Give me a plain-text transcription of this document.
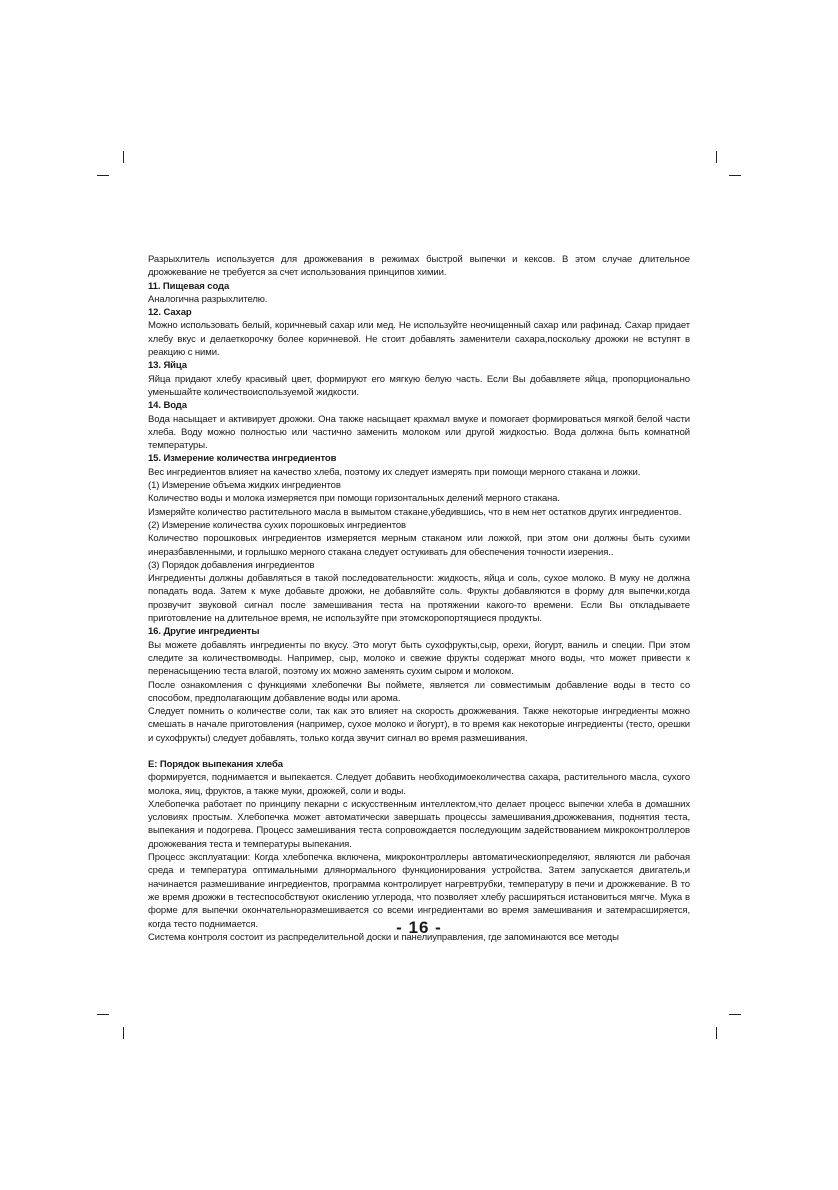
Разрыхлитель используется для дрожжевания в режимах быстрой выпечки и кексов. В этом случае длительное дрожжевание не требуется за счет использования принципов химии.

11. Пищевая сода

Аналогична разрыхлителю.

12. Сахар

Можно использовать белый, коричневый сахар или мед. Не используйте неочищенный сахар или рафинад. Сахар придает хлебу вкус и делаеткорочку более коричневой. Не стоит добавлять заменители сахара,поскольку дрожжи не вступят в реакцию с ними.

13. Яйца

Яйца придают хлебу красивый цвет, формируют его мягкую белую часть. Если Вы добавляете яйца, пропорционально уменьшайте количествоиспользуемой жидкости.

14. Вода

Вода насыщает и активирует дрожжи. Она также насыщает крахмал вмуке и помогает формироваться мягкой белой части хлеба. Воду можно полностью или частично заменить молоком или другой жидкостью. Вода должна быть комнатной температуры.

15. Измерение количества ингредиентов

Вес ингредиентов влияет на качество хлеба, поэтому их следует измерять при помощи мерного стакана и ложки.

(1) Измерение объема жидких ингредиентов

Количество воды и молока измеряется при помощи горизонтальных делений мерного стакана.

Измеряйте количество растительного масла в вымытом стакане,убедившись, что в нем нет остатков других ингредиентов.

(2) Измерение количества сухих порошковых ингредиентов

Количество порошковых ингредиентов измеряется мерным стаканом или ложкой, при этом они должны быть сухими инеразбавленными, и горлышко мерного стакана следует остукивать для обеспечения точности изерения..

(3) Порядок добавления ингредиентов

Ингредиенты должны добавляться в такой последовательности: жидкость, яйца и соль, сухое молоко. В муку не должна попадать вода. Затем к муке добавьте дрожжи, не добавляйте соль. Фрукты добавляются в форму для выпечки,когда прозвучит звуковой сигнал после замешивания теста на протяжении какого-то времени. Если Вы откладываете приготовление на длительное время, не используйте при этомскоропортящиеся продукты.

16. Другие ингредиенты

Вы можете добавлять ингредиенты по вкусу. Это могут быть сухофрукты,сыр, орехи, йогурт, ваниль и специи. При этом следите за количествомводы. Например, сыр, молоко и свежие фрукты содержат много воды, что может привести к перенасыщению теста влагой, поэтому их можно заменять сухим сыром и молоком.

После ознакомления с функциями хлебопечки Вы поймете, является ли совместимым добавление воды в тесто со способом, предполагающим добавление воды или арома.

Следует помнить о количестве соли, так как это влияет на скорость дрожжевания. Также некоторые ингредиенты можно смешать в начале приготовления (например, сухое молоко и йогурт), в то время как некоторые ингредиенты (тесто, орешки и сухофрукты) следует добавлять, только когда звучит сигнал во время размешивания.

E: Порядок выпекания хлеба

формируется, поднимается и выпекается. Следует добавить необходимоеколичества сахара, растительного масла, сухого молока, яиц, фруктов, а также муки, дрожжей, соли и воды.

Хлебопечка работает по принципу пекарни с искусственным интеллектом,что делает процесс выпечки хлеба в домашних условиях простым. Хлебопечка может автоматически завершать процессы замешивания,дрожжевания, поднятия теста, выпекания и подогрева. Процесс замешивания теста сопровождается последующим задействованием микроконтроллеров дрожжевания теста и температуры выпекания.

Процесс эксплуатации: Когда хлебопечка включена, микроконтроллеры автоматическиопределяют, являются ли рабочая среда и температура оптимальными длянормального функционирования устройства. Затем запускается двигатель,и начинается размешивание ингредиентов, программа контролирует нагревтрубки, температуру в печи и дрожжевание. В то же время дрожжи в тестеспособствуют окислению углерода, что позволяет хлебу расширяться истановиться мягче. Мука в форме для выпечки окончательноразмешивается со всеми ингредиентами во время замешивания и затемрасширяется, когда тесто поднимается.

Система контроля состоит из распределительной доски и панелиуправления, где запоминаются все методы

- 16 -
